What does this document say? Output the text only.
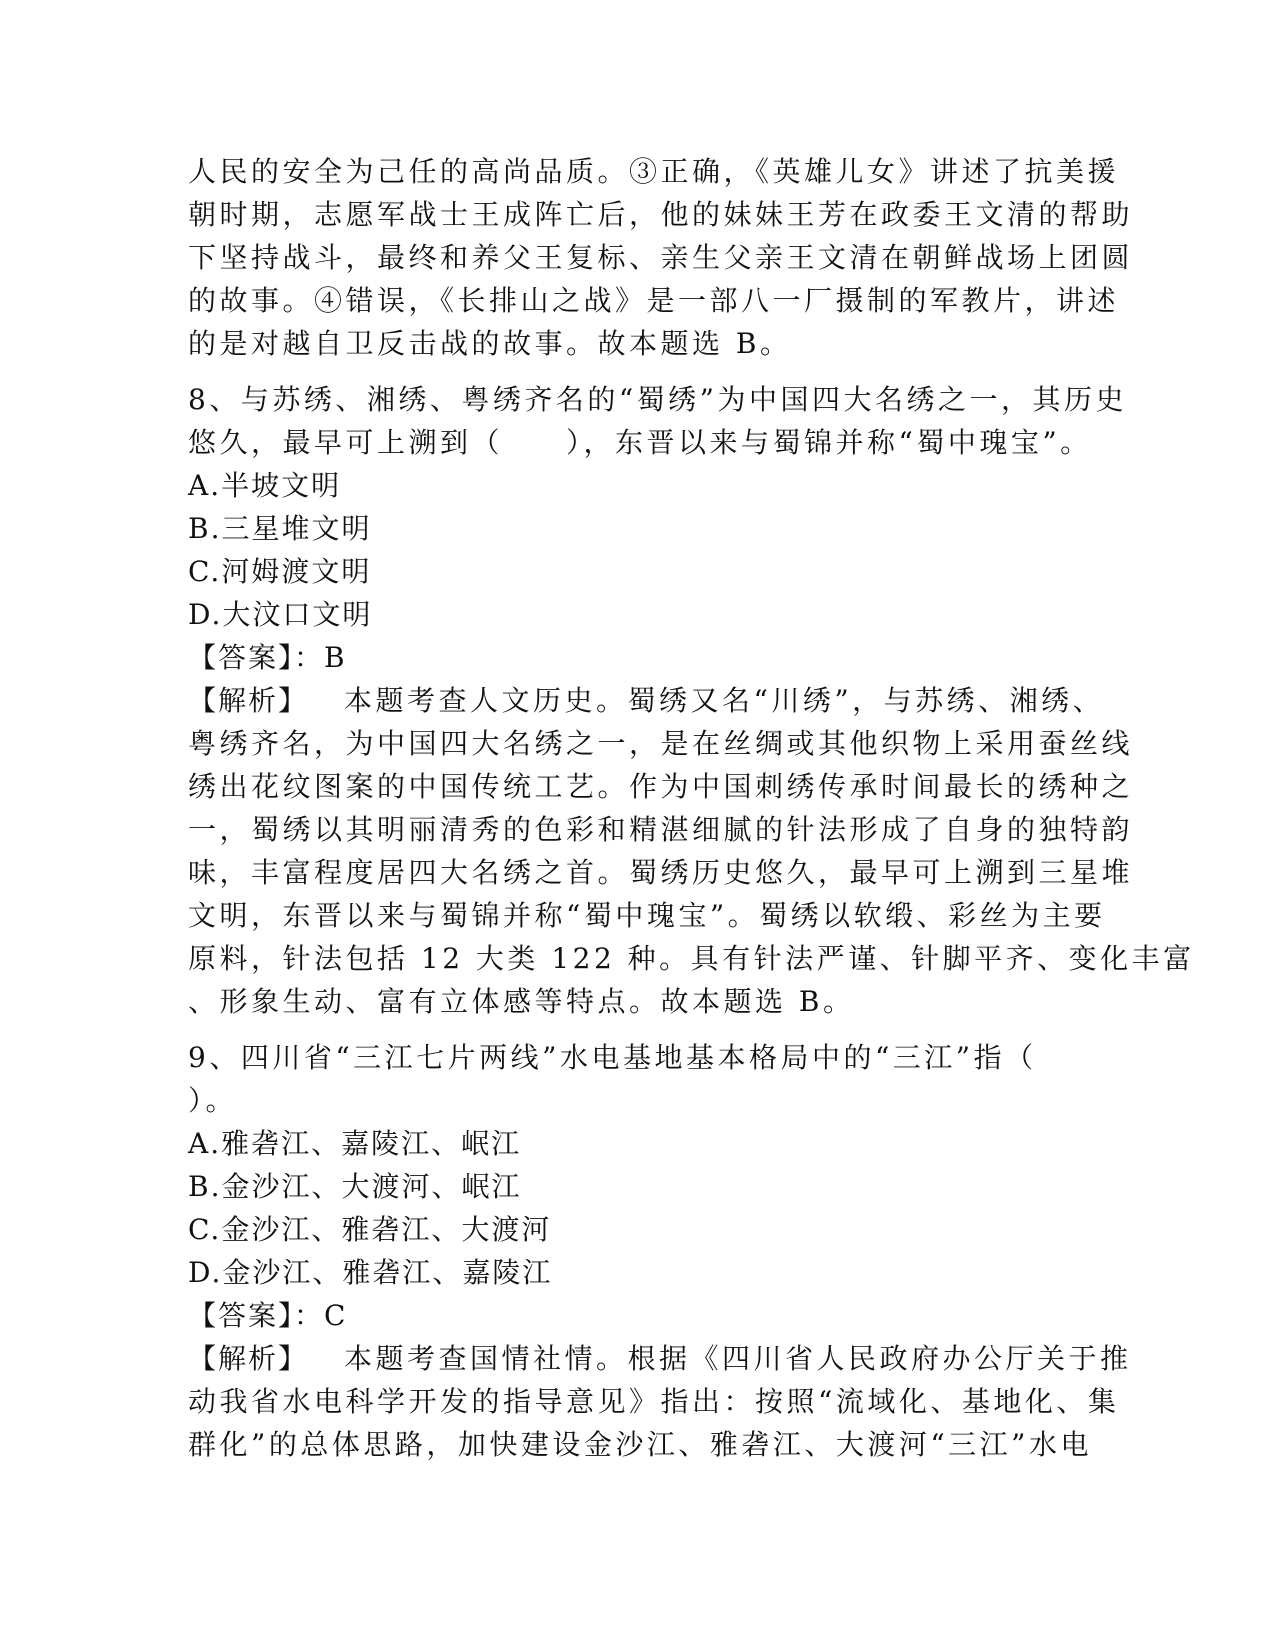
人民的安全为己任的高尚品质。③正确，《英雄儿女》讲述了抗美援
朝时期，志愿军战士王成阵亡后，他的妹妹王芳在政委王文清的帮助
下坚持战斗，最终和养父王复标、亲生父亲王文清在朝鲜战场上团圆
的故事。④错误，《长排山之战》是一部八一厂摄制的军教片，讲述
的是对越自卫反击战的故事。故本题选 B。
8、与苏绣、湘绣、粤绣齐名的“蜀绣”为中国四大名绣之一，其历史
悠久，最早可上溯到（　　），东晋以来与蜀锦并称“蜀中瑰宝”。
A.半坡文明
B.三星堆文明
C.河姆渡文明
D.大汶口文明
【答案】：B
【解析】 本题考查人文历史。蜀绣又名“川绣”，与苏绣、湘绣、
粤绣齐名，为中国四大名绣之一，是在丝绸或其他织物上采用蚕丝线
绣出花纹图案的中国传统工艺。作为中国刺绣传承时间最长的绣种之
一，蜀绣以其明丽清秀的色彩和精湛细腻的针法形成了自身的独特韵
味，丰富程度居四大名绣之首。蜀绣历史悠久，最早可上溯到三星堆
文明，东晋以来与蜀锦并称“蜀中瑰宝”。蜀绣以软缎、彩丝为主要
原料，针法包括 12 大类 122 种。具有针法严谨、针脚平齐、变化丰富
、形象生动、富有立体感等特点。故本题选 B。
9、四川省“三江七片两线”水电基地基本格局中的“三江”指（
）。
A.雅砻江、嘉陵江、岷江
B.金沙江、大渡河、岷江
C.金沙江、雅砻江、大渡河
D.金沙江、雅砻江、嘉陵江
【答案】：C
【解析】 本题考查国情社情。根据《四川省人民政府办公厅关于推
动我省水电科学开发的指导意见》指出：按照“流域化、基地化、集
群化”的总体思路，加快建设金沙江、雅砻江、大渡河“三江”水电
